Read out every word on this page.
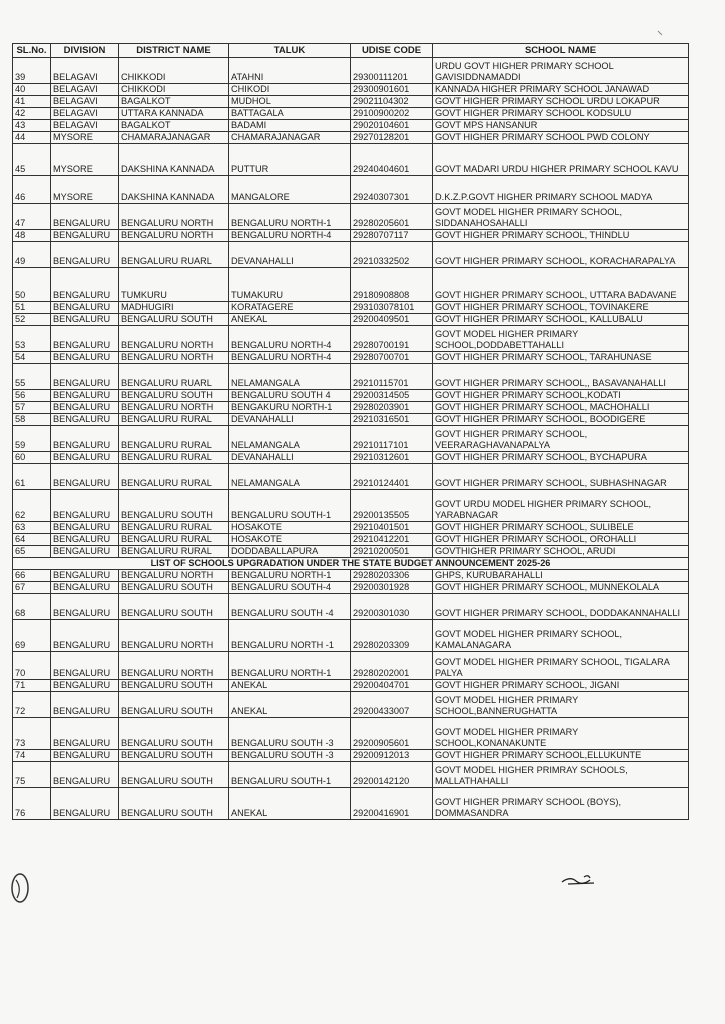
SL.No.	DIVISION	DISTRICT NAME	TALUK	UDISE CODE	SCHOOL NAME
39	BELAGAVI	CHIKKODI	ATAHNI	29300111201	URDU GOVT HIGHER PRIMARY SCHOOL GAVISIDDNAMADDI
40	BELAGAVI	CHIKKODI	CHIKODI	29300901601	KANNADA HIGHER PRIMARY SCHOOL JANAWAD
41	BELAGAVI	BAGALKOT	MUDHOL	29021104302	GOVT HIGHER PRIMARY SCHOOL URDU LOKAPUR
42	BELAGAVI	UTTARA KANNADA	BATTAGALA	29100900202	GOVT HIGHER PRIMARY SCHOOL KODSULU
43	BELAGAVI	BAGALKOT	BADAMI	29020104601	GOVT MPS HANSANUR
44	MYSORE	CHAMARAJANAGAR	CHAMARAJANAGAR	29270128201	GOVT HIGHER PRIMARY SCHOOL PWD COLONY
45	MYSORE	DAKSHINA KANNADA	PUTTUR	29240404601	GOVT MADARI URDU HIGHER PRIMARY SCHOOL KAVU
46	MYSORE	DAKSHINA KANNADA	MANGALORE	29240307301	D.K.Z.P.GOVT HIGHER PRIMARY SCHOOL MADYA
47	BENGALURU	BENGALURU NORTH	BENGALURU NORTH-1	29280205601	GOVT MODEL HIGHER PRIMARY SCHOOL, SIDDANAHOSAHALLI
48	BENGALURU	BENGALURU NORTH	BENGALURU NORTH-4	29280707117	GOVT HIGHER PRIMARY SCHOOL, THINDLU
49	BENGALURU	BENGALURU RUARL	DEVANAHALLI	29210332502	GOVT HIGHER PRIMARY SCHOOL, KORACHARAPALYA
50	BENGALURU	TUMKURU	TUMAKURU	29180908808	GOVT HIGHER PRIMARY SCHOOL, UTTARA BADAVANE
51	BENGALURU	MADHUGIRI	KORATAGERE	293103078101	GOVT HIGHER PRIMARY SCHOOL, TOVINAKERE
52	BENGALURU	BENGALURU SOUTH	ANEKAL	29200409501	GOVT HIGHER PRIMARY SCHOOL, KALLUBALU
53	BENGALURU	BENGALURU NORTH	BENGALURU NORTH-4	29280700191	GOVT MODEL HIGHER PRIMARY SCHOOL,DODDABETTAHALLI
54	BENGALURU	BENGALURU NORTH	BENGALURU NORTH-4	29280700701	GOVT HIGHER PRIMARY SCHOOL, TARAHUNASE
55	BENGALURU	BENGALURU RUARL	NELAMANGALA	29210115701	GOVT HIGHER PRIMARY SCHOOL,, BASAVANAHALLI
56	BENGALURU	BENGALURU SOUTH	BENGALURU SOUTH 4	29200314505	GOVT HIGHER PRIMARY SCHOOL,KODATI
57	BENGALURU	BENGALURU NORTH	BENGAKURU NORTH-1	29280203901	GOVT HIGHER PRIMARY SCHOOL, MACHOHALLI
58	BENGALURU	BENGALURU RURAL	DEVANAHALLI	29210316501	GOVT HIGHER PRIMARY SCHOOL, BOODIGERE
59	BENGALURU	BENGALURU RURAL	NELAMANGALA	29210117101	GOVT HIGHER PRIMARY SCHOOL, VEERARAGHAVANAPALYA
60	BENGALURU	BENGALURU RURAL	DEVANAHALLI	29210312601	GOVT HIGHER PRIMARY SCHOOL, BYCHAPURA
61	BENGALURU	BENGALURU RURAL	NELAMANGALA	29210124401	GOVT HIGHER PRIMARY SCHOOL, SUBHASHNAGAR
62	BENGALURU	BENGALURU SOUTH	BENGALURU SOUTH-1	29200135505	GOVT URDU MODEL HIGHER PRIMARY SCHOOL, YARABNAGAR
63	BENGALURU	BENGALURU RURAL	HOSAKOTE	29210401501	GOVT HIGHER PRIMARY SCHOOL, SULIBELE
64	BENGALURU	BENGALURU RURAL	HOSAKOTE	29210412201	GOVT HIGHER PRIMARY SCHOOL, OROHALLI
65	BENGALURU	BENGALURU RURAL	DODDABALLAPURA	29210200501	GOVTHIGHER PRIMARY SCHOOL, ARUDI
LIST OF SCHOOLS UPGRADATION UNDER THE STATE BUDGET ANNOUNCEMENT 2025-26					
66	BENGALURU	BENGALURU NORTH	BENGALURU NORTH-1	29280203306	GHPS, KURUBARAHALLI
67	BENGALURU	BENGALURU SOUTH	BENGALURU SOUTH-4	29200301928	GOVT HIGHER PRIMARY SCHOOL, MUNNEKOLALA
68	BENGALURU	BENGALURU SOUTH	BENGALURU SOUTH -4	29200301030	GOVT HIGHER PRIMARY SCHOOL, DODDAKANNAHALLI
69	BENGALURU	BENGALURU NORTH	BENGALURU NORTH -1	29280203309	GOVT MODEL HIGHER PRIMARY SCHOOL, KAMALANAGARA
70	BENGALURU	BENGALURU NORTH	BENGALURU NORTH-1	29280202001	GOVT MODEL HIGHER PRIMARY SCHOOL, TIGALARA PALYA
71	BENGALURU	BENGALURU SOUTH	ANEKAL	29200404701	GOVT HIGHER PRIMARY SCHOOL, JIGANI
72	BENGALURU	BENGALURU SOUTH	ANEKAL	29200433007	GOVT MODEL HIGHER PRIMARY SCHOOL,BANNERUGHATTA
73	BENGALURU	BENGALURU SOUTH	BENGALURU SOUTH -3	29200905601	GOVT MODEL HIGHER PRIMARY SCHOOL,KONANAKUNTE
74	BENGALURU	BENGALURU SOUTH	BENGALURU SOUTH -3	29200912013	GOVT HIGHER PRIMARY SCHOOL,ELLUKUNTE
75	BENGALURU	BENGALURU SOUTH	BENGALURU SOUTH-1	29200142120	GOVT MODEL HIGHER PRIMRAY SCHOOLS, MALLATHAHALLI
76	BENGALURU	BENGALURU SOUTH	ANEKAL	29200416901	GOVT HIGHER PRIMARY SCHOOL (BOYS), DOMMASANDRA
